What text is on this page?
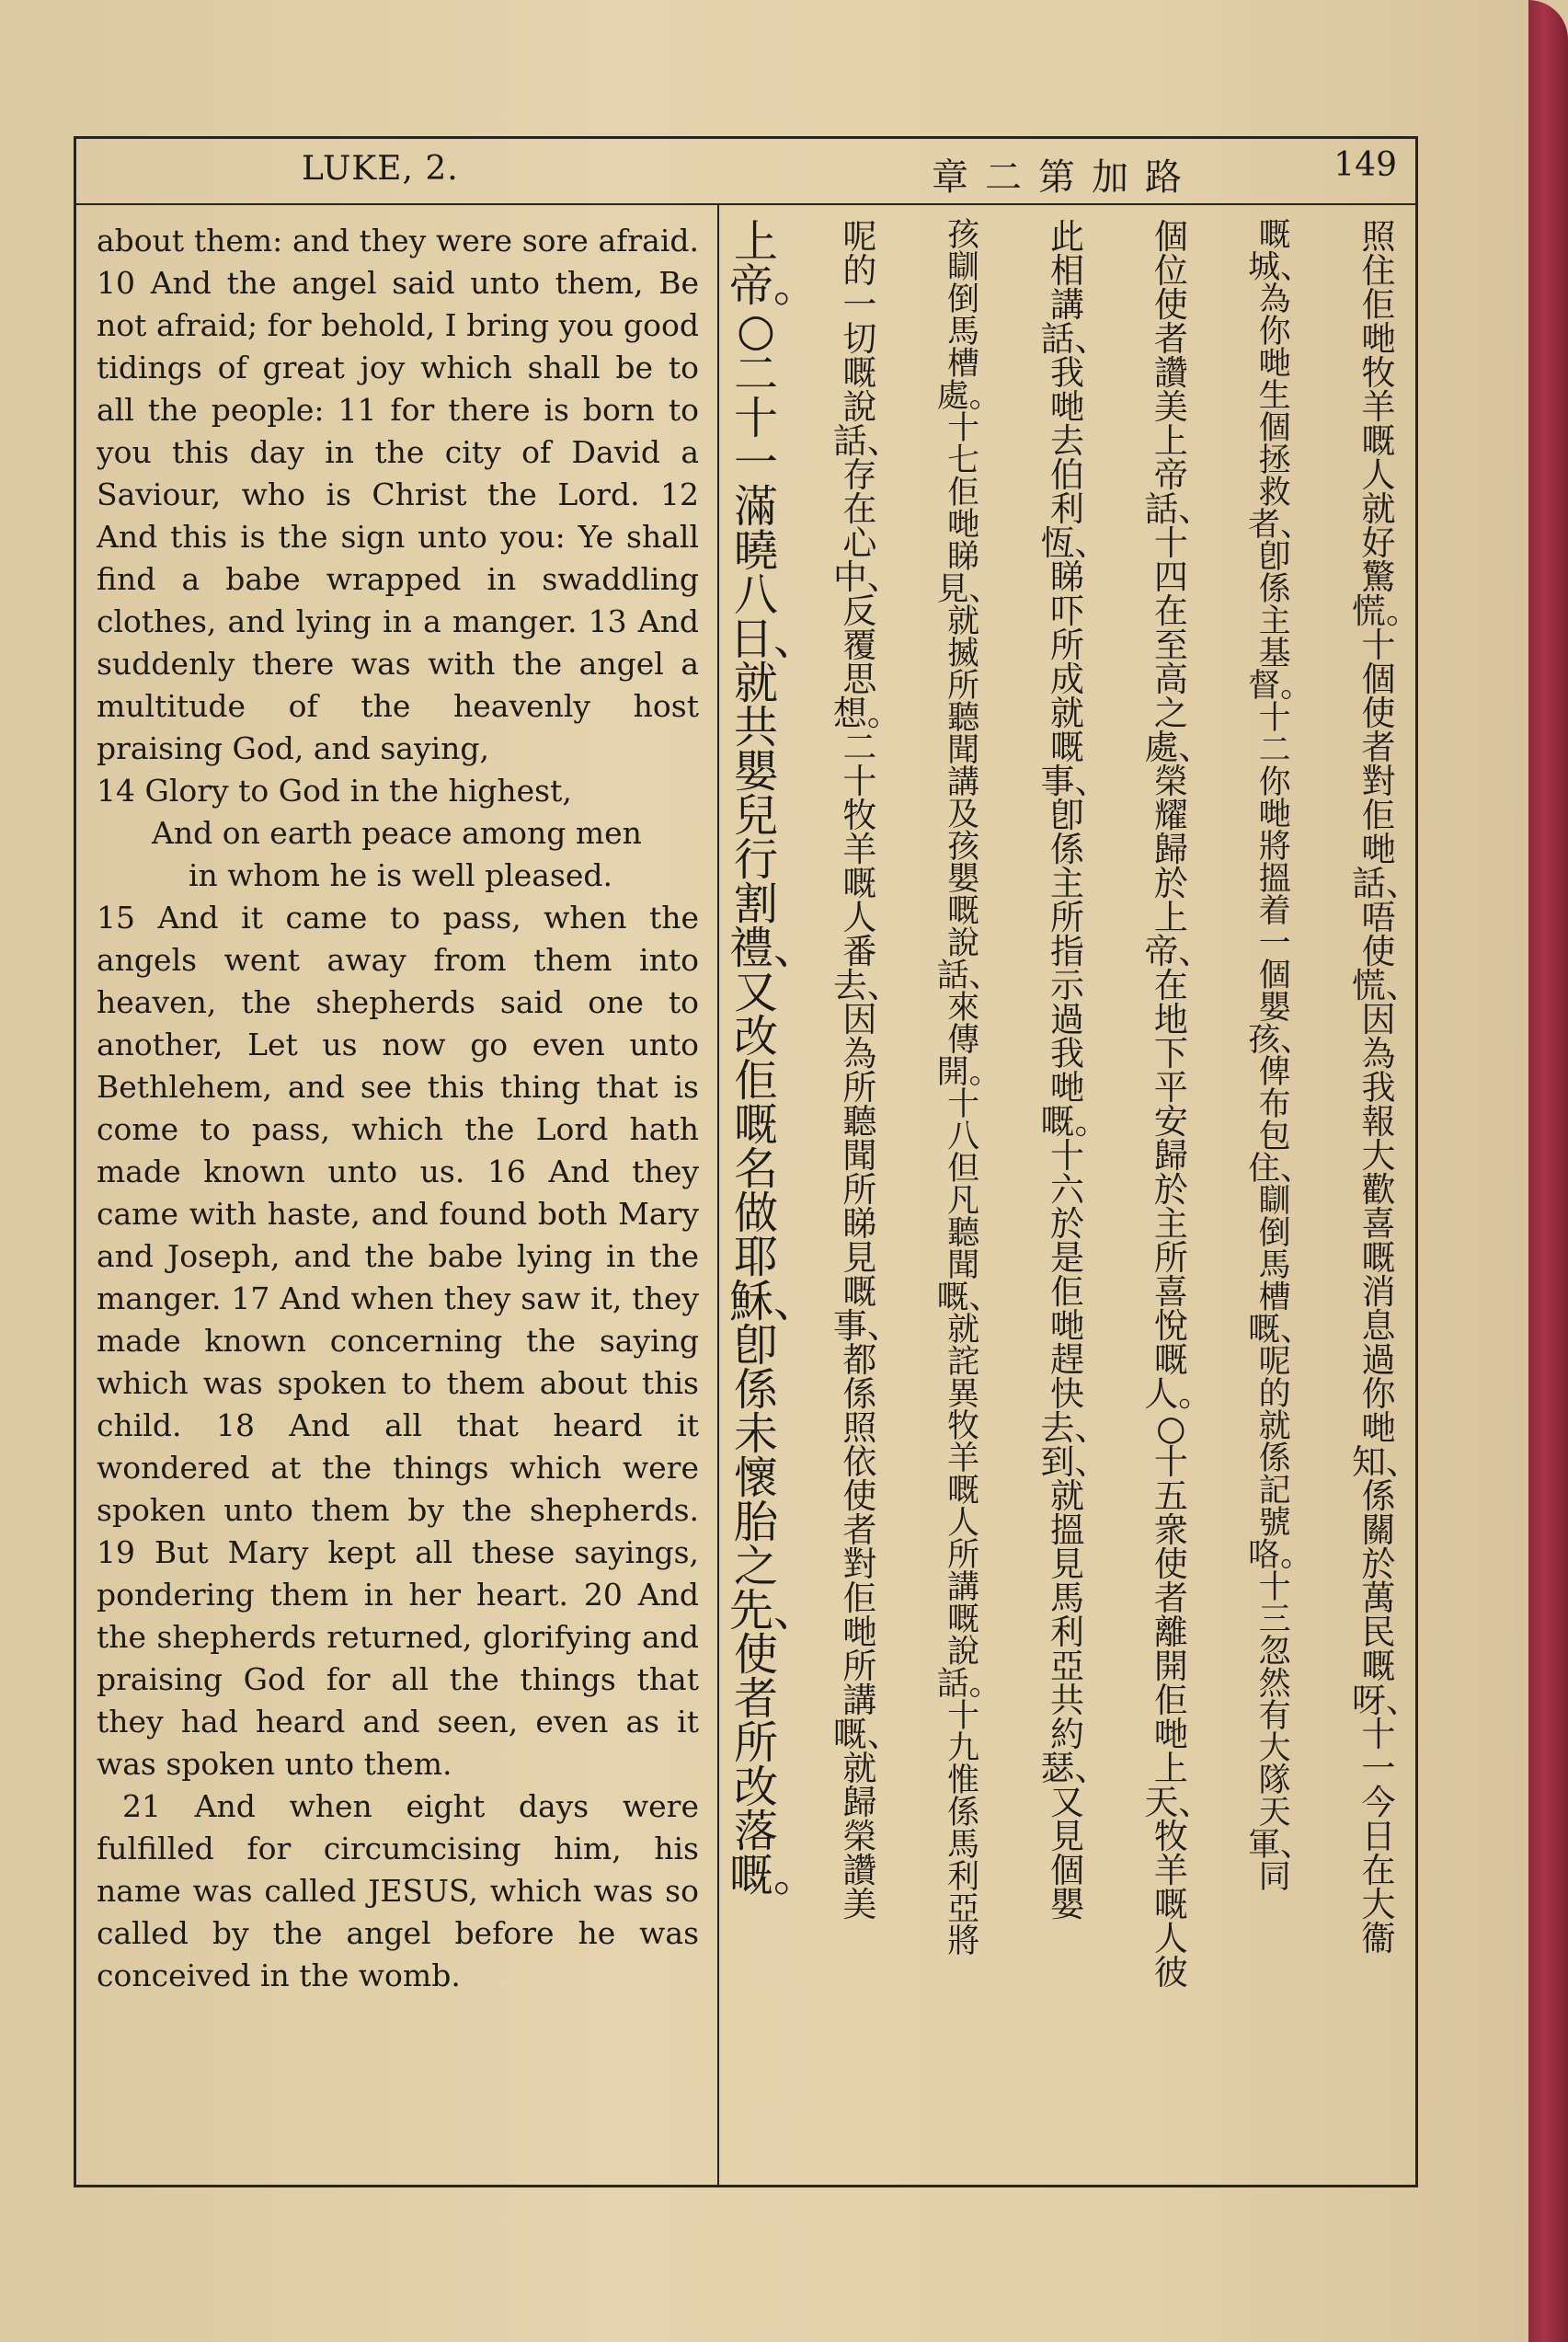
LUKE, 2.	章二第加路	149

about them: and they were sore afraid. 10 And the angel said unto them, Be not afraid; for behold, I bring you good tidings of great joy which shall be to all the people: 11 for there is born to you this day in the city of David a Saviour, who is Christ the Lord. 12 And this is the sign unto you: Ye shall find a babe wrapped in swaddling clothes, and lying in a manger. 13 And suddenly there was with the angel a multitude of the heavenly host praising God, and saying,

14 Glory to God in the highest,

And on earth peace among men

in whom he is well pleased.

15 And it came to pass, when the angels went away from them into heaven, the shepherds said one to another, Let us now go even unto Bethlehem, and see this thing that is come to pass, which the Lord hath made known unto us. 16 And they came with haste, and found both Mary and Joseph, and the babe lying in the manger. 17 And when they saw it, they made known concerning the saying which was spoken to them about this child. 18 And all that heard it wondered at the things which were spoken unto them by the shepherds. 19 But Mary kept all these sayings, pondering them in her heart. 20 And the shepherds returned, glorifying and praising God for all the things that they had heard and seen, even as it was spoken unto them.

21 And when eight days were fulfilled for circumcising him, his name was called JESUS, which was so called by the angel before he was conceived in the womb.

照住佢哋牧羊嘅人就好驚慌。十個使者對佢哋話、唔使慌、因為我報大歡喜嘅消息過你哋知、係關於萬民嘅呀、十一今日在大衞
嘅城、為你哋生個拯救者、卽係主基督。十二你哋將搵着一個嬰孩、俾布包住、瞓倒馬槽嘅、呢的就係記號咯。十三忽然有大隊天軍、同
個位使者讚美上帝話、十四在至高之處、榮耀歸於上帝、在地下平安歸於主所喜悅嘅人。○十五衆使者離開佢哋上天、牧羊嘅人彼
此相講話、我哋去伯利恆、睇吓所成就嘅事、卽係主所指示過我哋嘅。十六於是佢哋趕快去、到、就搵見馬利亞共約瑟、又見個嬰
孩瞓倒馬槽處。十七佢哋睇見、就揻所聽聞講及孩嬰嘅說話、來傳開。十八但凡聽聞嘅、就詫異牧羊嘅人所講嘅說話。十九惟係馬利亞將
呢的一切嘅說話、存在心中、反覆思想。二十牧羊嘅人番去、因為所聽聞所睇見嘅事、都係照依使者對佢哋所講嘅、就歸榮讚美
上帝。○二十一滿曉八日、就共嬰兒行割禮、又改佢嘅名做耶穌、卽係未懷胎之先、使者所改落嘅。
